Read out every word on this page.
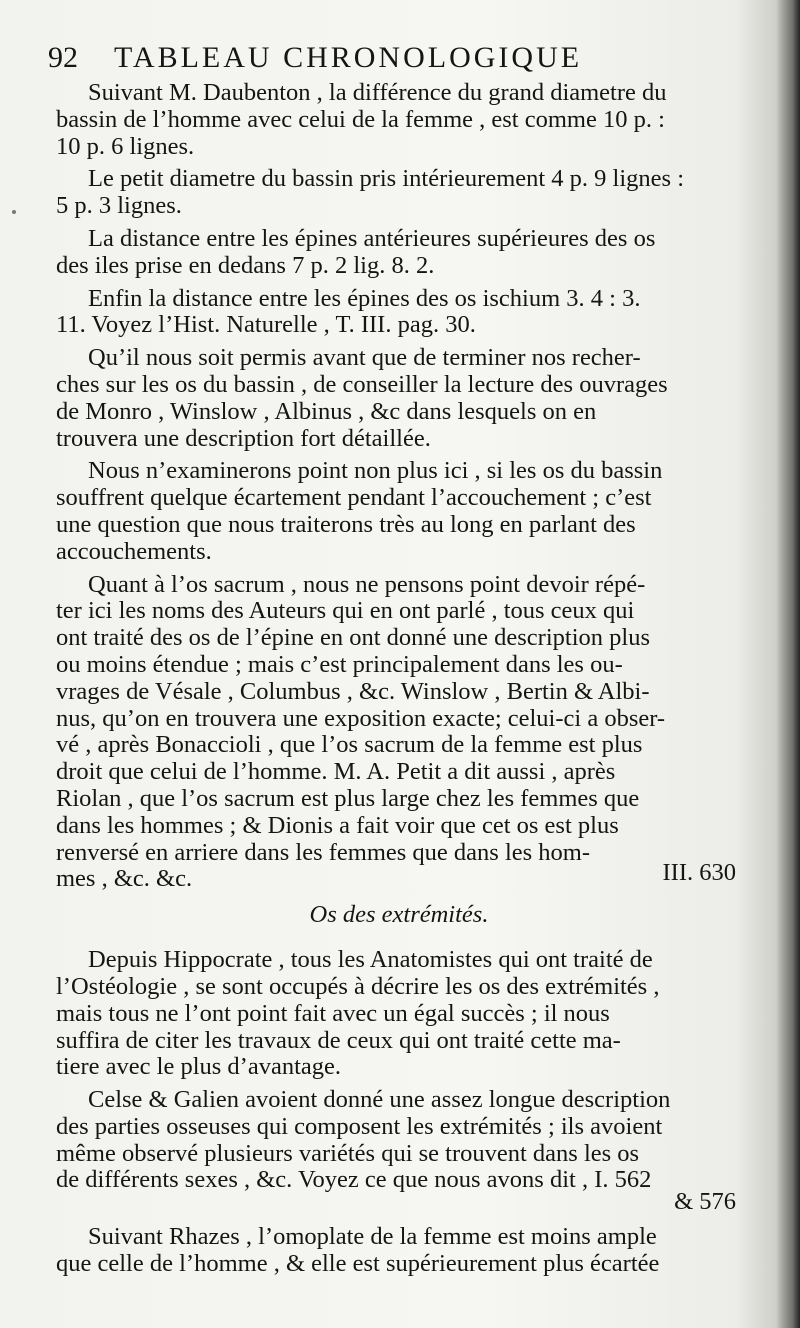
92 TABLEAU CHRONOLOGIQUE
Suivant M. Daubenton , la différence du grand diametre du
bassin de l’homme avec celui de la femme , est comme 10 p. :
10 p. 6 lignes.
Le petit diametre du bassin pris intérieurement 4 p. 9 lignes :
5 p. 3 lignes.
La distance entre les épines antérieures supérieures des os
des iles prise en dedans 7 p. 2 lig. 8. 2.
Enfin la distance entre les épines des os ischium 3. 4 : 3.
11. Voyez l’Hist. Naturelle , T. III. pag. 30.
Qu’il nous soit permis avant que de terminer nos recher-
ches sur les os du bassin , de conseiller la lecture des ouvrages
de Monro , Winslow , Albinus , &c dans lesquels on en
trouvera une description fort détaillée.
Nous n’examinerons point non plus ici , si les os du bassin
souffrent quelque écartement pendant l’accouchement ; c’est
une question que nous traiterons très au long en parlant des
accouchements.
Quant à l’os sacrum , nous ne pensons point devoir répé-
ter ici les noms des Auteurs qui en ont parlé , tous ceux qui
ont traité des os de l’épine en ont donné une description plus
ou moins étendue ; mais c’est principalement dans les ou-
vrages de Vésale , Columbus , &c. Winslow , Bertin & Albi-
nus, qu’on en trouvera une exposition exacte; celui-ci a obser-
vé , après Bonaccioli , que l’os sacrum de la femme est plus
droit que celui de l’homme. M. A. Petit a dit aussi , après
Riolan , que l’os sacrum est plus large chez les femmes que
dans les hommes ; & Dionis a fait voir que cet os est plus
renversé en arriere dans les femmes que dans les hom-
mes , &c. &c.	III. 630
Os des extrémités.
Depuis Hippocrate , tous les Anatomistes qui ont traité de
l’Ostéologie , se sont occupés à décrire les os des extrémités ,
mais tous ne l’ont point fait avec un égal succès ; il nous
suffira de citer les travaux de ceux qui ont traité cette ma-
tiere avec le plus d’avantage.
Celse & Galien avoient donné une assez longue description
des parties osseuses qui composent les extrémités ; ils avoient
même observé plusieurs variétés qui se trouvent dans les os
de différents sexes , &c. Voyez ce que nous avons dit , I. 562
& 576
Suivant Rhazes , l’omoplate de la femme est moins ample
que celle de l’homme , & elle est supérieurement plus écartée
